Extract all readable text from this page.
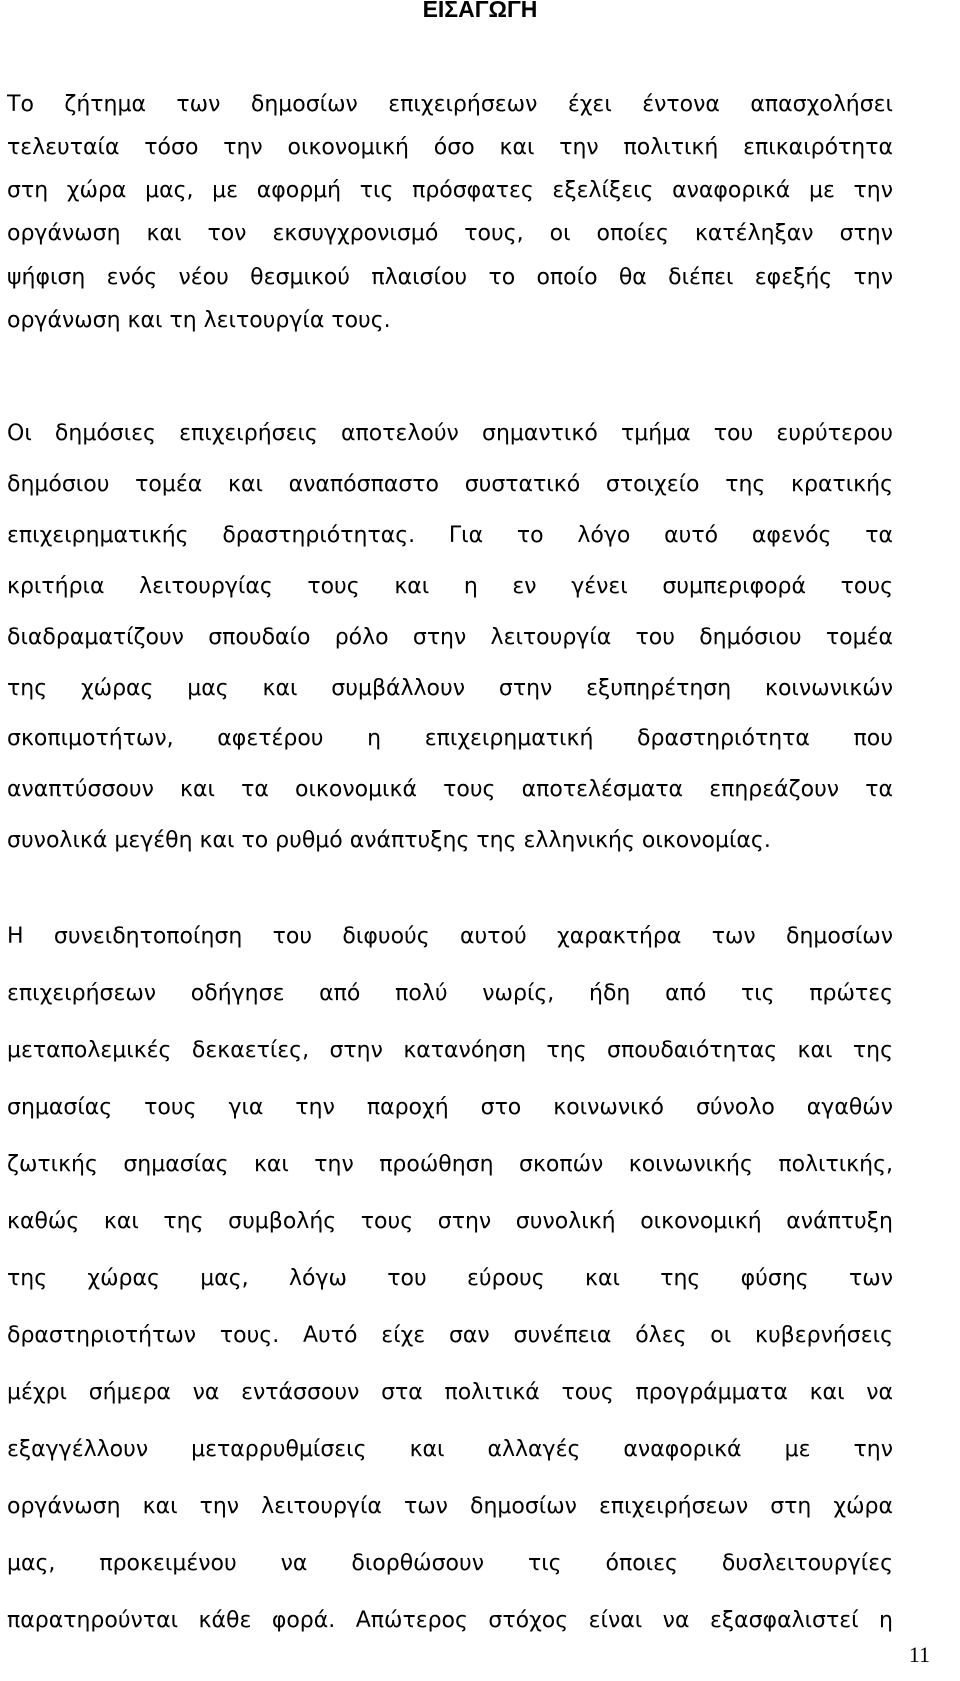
ΕΙΣΑΓΩΓΗ
Το ζήτημα των δημοσίων επιχειρήσεων έχει έντονα απασχολήσει
τελευταία τόσο την οικονομική όσο και την πολιτική επικαιρότητα
στη χώρα μας, με αφορμή τις πρόσφατες εξελίξεις αναφορικά με την
οργάνωση και τον εκσυγχρονισμό τους, οι οποίες κατέληξαν στην
ψήφιση ενός νέου θεσμικού πλαισίου το οποίο θα διέπει εφεξής την
οργάνωση και τη λειτουργία τους.
Οι δημόσιες επιχειρήσεις αποτελούν σημαντικό τμήμα του ευρύτερου
δημόσιου τομέα και αναπόσπαστο συστατικό στοιχείο της κρατικής
επιχειρηματικής δραστηριότητας. Για το λόγο αυτό αφενός τα
κριτήρια λειτουργίας τους και η εν γένει συμπεριφορά τους
διαδραματίζουν σπουδαίο ρόλο στην λειτουργία του δημόσιου τομέα
της χώρας μας και συμβάλλουν στην εξυπηρέτηση κοινωνικών
σκοπιμοτήτων, αφετέρου η επιχειρηματική δραστηριότητα που
αναπτύσσουν και τα οικονομικά τους αποτελέσματα επηρεάζουν τα
συνολικά μεγέθη και το ρυθμό ανάπτυξης της ελληνικής οικονομίας.
Η συνειδητοποίηση του διφυούς αυτού χαρακτήρα των δημοσίων
επιχειρήσεων οδήγησε από πολύ νωρίς, ήδη από τις πρώτες
μεταπολεμικές δεκαετίες, στην κατανόηση της σπουδαιότητας και της
σημασίας τους για την παροχή στο κοινωνικό σύνολο αγαθών
ζωτικής σημασίας και την προώθηση σκοπών κοινωνικής πολιτικής,
καθώς και της συμβολής τους στην συνολική οικονομική ανάπτυξη
της χώρας μας, λόγω του εύρους και της φύσης των
δραστηριοτήτων τους. Αυτό είχε σαν συνέπεια όλες οι κυβερνήσεις
μέχρι σήμερα να εντάσσουν στα πολιτικά τους προγράμματα και να
εξαγγέλλουν μεταρρυθμίσεις και αλλαγές αναφορικά με την
οργάνωση και την λειτουργία των δημοσίων επιχειρήσεων στη χώρα
μας, προκειμένου να διορθώσουν τις όποιες δυσλειτουργίες
παρατηρούνται κάθε φορά. Απώτερος στόχος είναι να εξασφαλιστεί η
11
